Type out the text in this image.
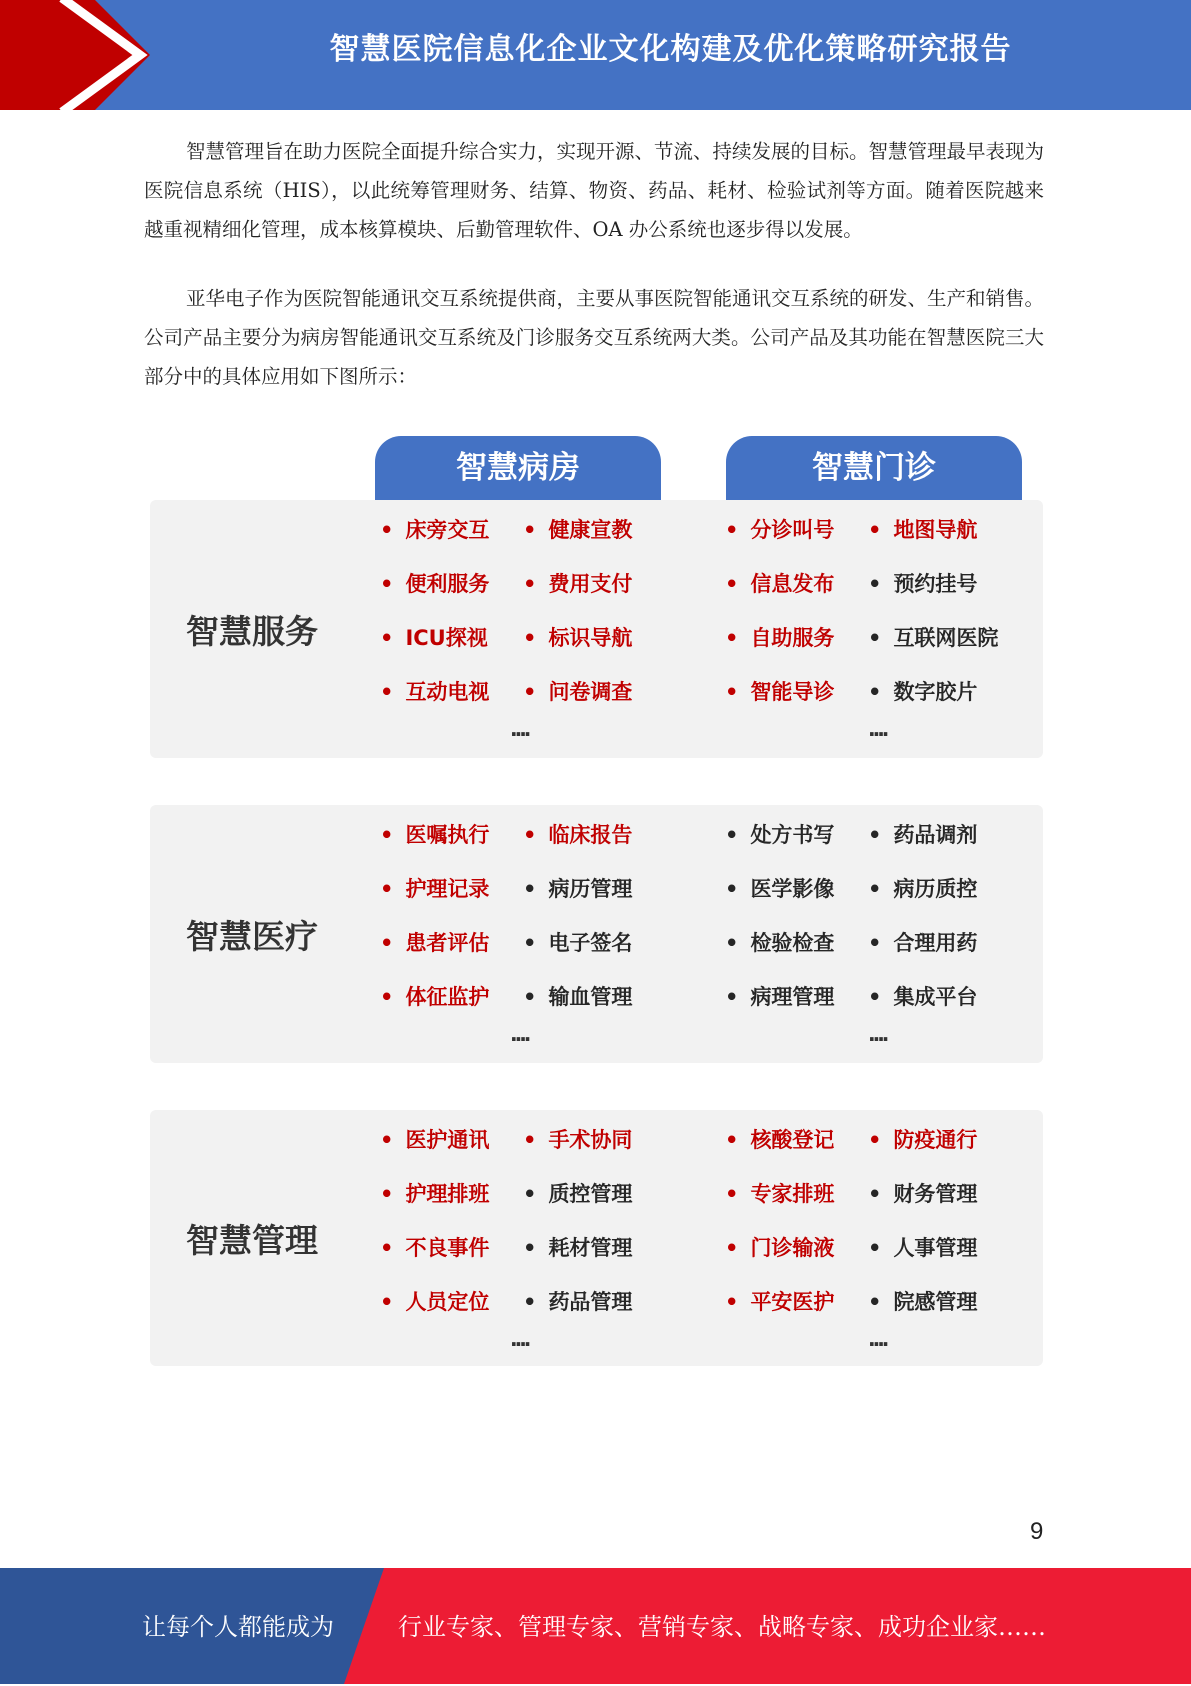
智慧医院信息化企业文化构建及优化策略研究报告

智慧管理旨在助力医院全面提升综合实力，实现开源、节流、持续发展的目标。智慧管理最早表现为医院信息系统（HIS），以此统筹管理财务、结算、物资、药品、耗材、检验试剂等方面。随着医院越来越重视精细化管理，成本核算模块、后勤管理软件、OA 办公系统也逐步得以发展。

亚华电子作为医院智能通讯交互系统提供商，主要从事医院智能通讯交互系统的研发、生产和销售。公司产品主要分为病房智能通讯交互系统及门诊服务交互系统两大类。公司产品及其功能在智慧医院三大部分中的具体应用如下图所示：

智慧病房	智慧门诊
智慧服务
• 床旁交互 • 健康宣教
• 便利服务 • 费用支付
• ICU探视 • 标识导航
• 互动电视 • 问卷调查
····
• 分诊叫号 • 地图导航
• 信息发布 • 预约挂号
• 自助服务 • 互联网医院
• 智能导诊 • 数字胶片
····
智慧医疗
• 医嘱执行 • 临床报告
• 护理记录 • 病历管理
• 患者评估 • 电子签名
• 体征监护 • 输血管理
····
• 处方书写 • 药品调剂
• 医学影像 • 病历质控
• 检验检查 • 合理用药
• 病理管理 • 集成平台
····
智慧管理
• 医护通讯 • 手术协同
• 护理排班 • 质控管理
• 不良事件 • 耗材管理
• 人员定位 • 药品管理
····
• 核酸登记 • 防疫通行
• 专家排班 • 财务管理
• 门诊输液 • 人事管理
• 平安医护 • 院感管理
····
9
让每个人都能成为	行业专家、管理专家、营销专家、战略专家、成功企业家……
